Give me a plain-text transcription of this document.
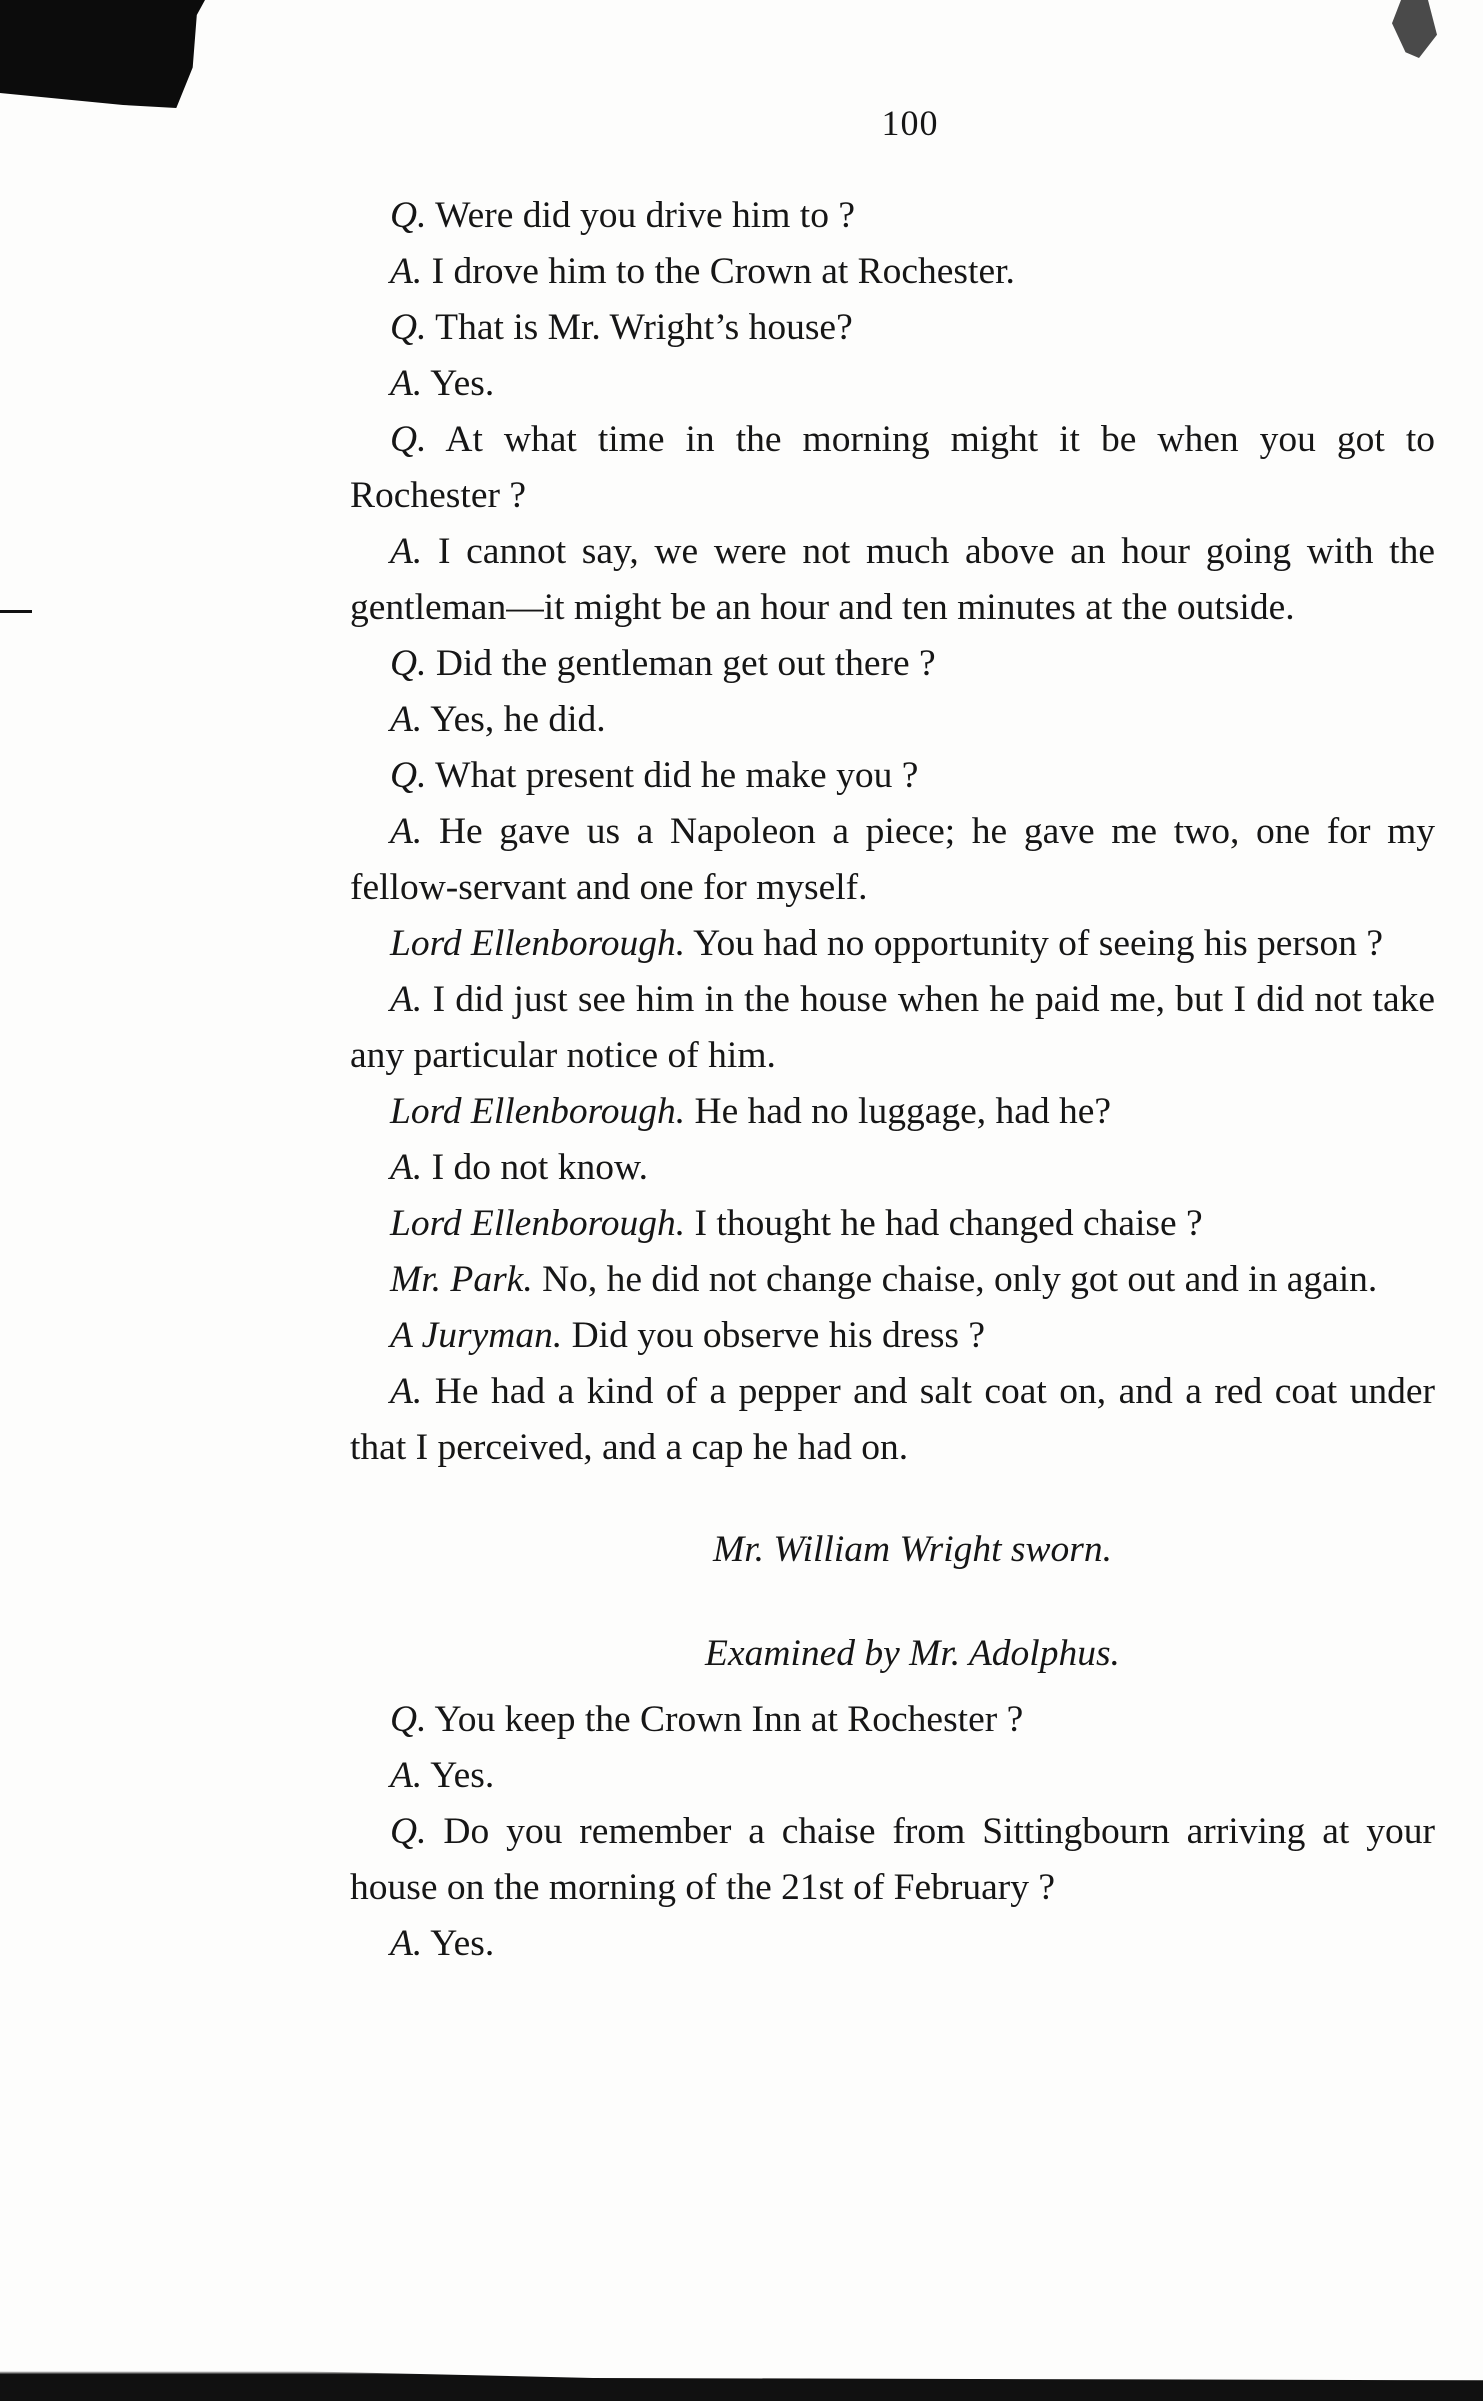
100

Q. Were did you drive him to ?

A. I drove him to the Crown at Rochester.

Q. That is Mr. Wright’s house?

A. Yes.

Q. At what time in the morning might it be when you got to Rochester ?

A. I cannot say, we were not much above an hour going with the gentleman—it might be an hour and ten minutes at the outside.

Q. Did the gentleman get out there ?

A. Yes, he did.

Q. What present did he make you ?

A. He gave us a Napoleon a piece; he gave me two, one for my fellow-servant and one for myself.

Lord Ellenborough. You had no opportunity of seeing his person ?

A. I did just see him in the house when he paid me, but I did not take any particular notice of him.

Lord Ellenborough. He had no luggage, had he?

A. I do not know.

Lord Ellenborough. I thought he had changed chaise ?

Mr. Park. No, he did not change chaise, only got out and in again.

A Juryman. Did you observe his dress ?

A. He had a kind of a pepper and salt coat on, and a red coat under that I perceived, and a cap he had on.

Mr. William Wright sworn.

Examined by Mr. Adolphus.

Q. You keep the Crown Inn at Rochester ?

A. Yes.

Q. Do you remember a chaise from Sittingbourn arriving at your house on the morning of the 21st of February ?

A. Yes.
